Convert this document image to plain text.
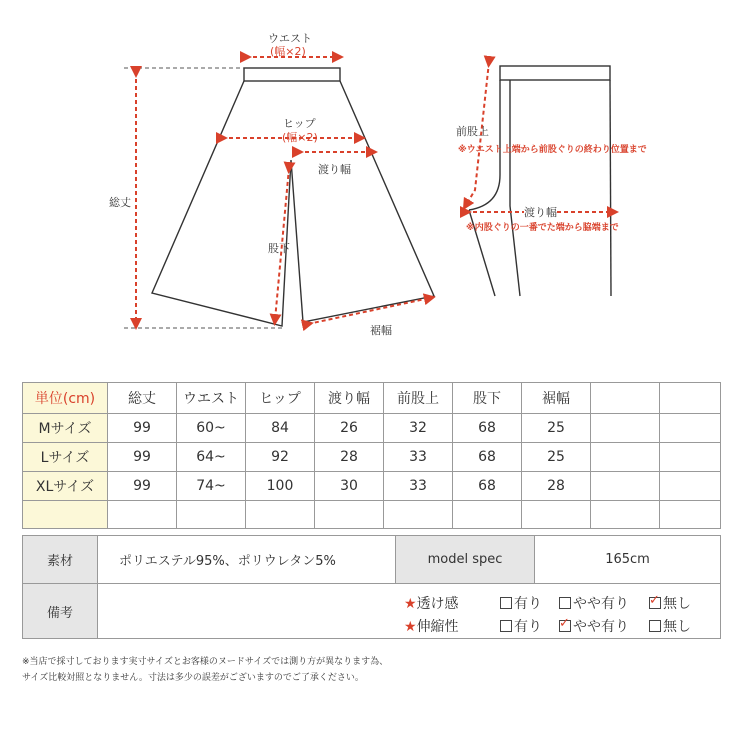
ウエスト
(幅×2)
ヒップ
(幅×2)
渡り幅
総丈
股下
裾幅
前股上
※ウエスト上端から前股ぐりの終わり位置まで
渡り幅
※内股ぐりの一番でた端から脇端まで
単位(cm)	総丈	ウエスト	ヒップ	渡り幅	前股上	股下	裾幅		
Mサイズ	99	60~	84	26	32	68	25		
Lサイズ	99	64~	92	28	33	68	25		
XLサイズ	99	74~	100	30	33	68	28		

素材	ポリエステル95%、ポリウレタン5%	model spec	165cm
備考			
★透け感	有り	やや有り ✓ 無し
★伸縮性	有り ✓ やや有り	無し
※当店で採寸しております実寸サイズとお客様のヌードサイズでは測り方が異なります為、
サイズ比較対照となりません。寸法は多少の誤差がございますのでご了承ください。
